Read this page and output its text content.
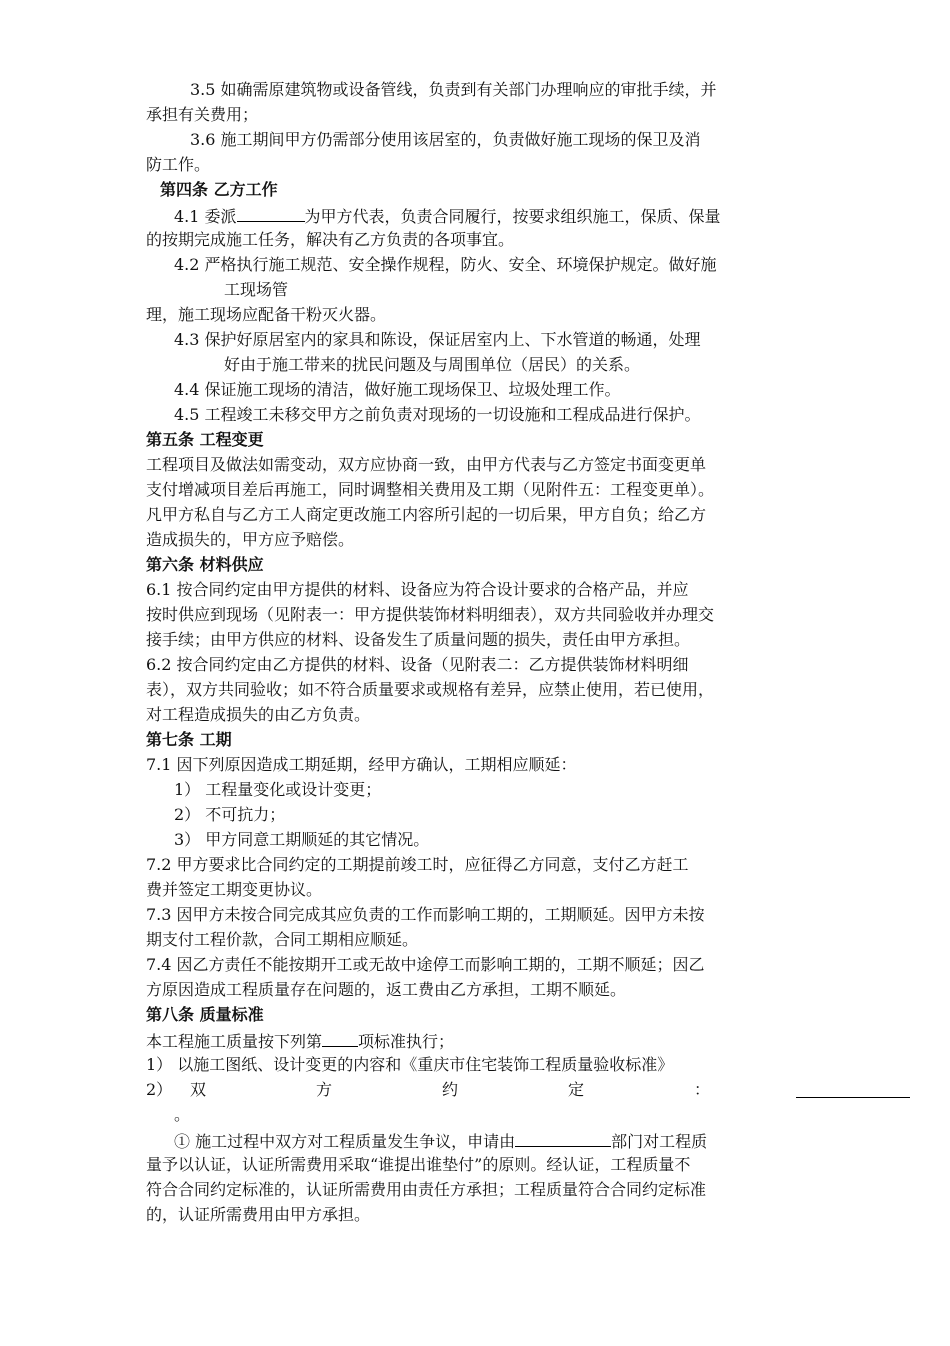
3.5 如确需原建筑物或设备管线，负责到有关部门办理响应的审批手续，并
承担有关费用；
3.6 施工期间甲方仍需部分使用该居室的，负责做好施工现场的保卫及消
防工作。
第四条 乙方工作
4.1 委派	为甲方代表，负责合同履行，按要求组织施工，保质、保量
的按期完成施工任务，解决有乙方负责的各项事宜。
4.2 严格执行施工规范、安全操作规程，防火、安全、环境保护规定。做好施
工现场管
理，施工现场应配备干粉灭火器。
4.3 保护好原居室内的家具和陈设，保证居室内上、下水管道的畅通，处理
好由于施工带来的扰民问题及与周围单位（居民）的关系。
4.4 保证施工现场的清洁，做好施工现场保卫、垃圾处理工作。
4.5 工程竣工未移交甲方之前负责对现场的一切设施和工程成品进行保护。
第五条 工程变更
工程项目及做法如需变动，双方应协商一致，由甲方代表与乙方签定书面变更单
支付增减项目差后再施工，同时调整相关费用及工期（见附件五：工程变更单）。
凡甲方私自与乙方工人商定更改施工内容所引起的一切后果，甲方自负；给乙方
造成损失的，甲方应予赔偿。
第六条 材料供应
6.1 按合同约定由甲方提供的材料、设备应为符合设计要求的合格产品，并应
按时供应到现场（见附表一：甲方提供装饰材料明细表），双方共同验收并办理交
接手续；由甲方供应的材料、设备发生了质量问题的损失，责任由甲方承担。
6.2 按合同约定由乙方提供的材料、设备（见附表二：乙方提供装饰材料明细
表），双方共同验收；如不符合质量要求或规格有差异，应禁止使用，若已使用，
对工程造成损失的由乙方负责。
第七条 工期
7.1 因下列原因造成工期延期，经甲方确认，工期相应顺延：
1） 工程量变化或设计变更；
2） 不可抗力；
3） 甲方同意工期顺延的其它情况。
7.2 甲方要求比合同约定的工期提前竣工时，应征得乙方同意，支付乙方赶工
费并签定工期变更协议。
7.3 因甲方未按合同完成其应负责的工作而影响工期的，工期顺延。因甲方未按
期支付工程价款，合同工期相应顺延。
7.4 因乙方责任不能按期开工或无故中途停工而影响工期的，工期不顺延；因乙
方原因造成工程质量存在问题的，返工费由乙方承担，工期不顺延。
第八条 质量标准
本工程施工质量按下列第 项标准执行；
1） 以施工图纸、设计变更的内容和《重庆市住宅装饰工程质量验收标准》
2） 双	方	约	定	：
。
① 施工过程中双方对工程质量发生争议，申请由	部门对工程质
量予以认证，认证所需费用采取“谁提出谁垫付”的原则。经认证，工程质量不
符合合同约定标准的，认证所需费用由责任方承担；工程质量符合合同约定标准
的，认证所需费用由甲方承担。
